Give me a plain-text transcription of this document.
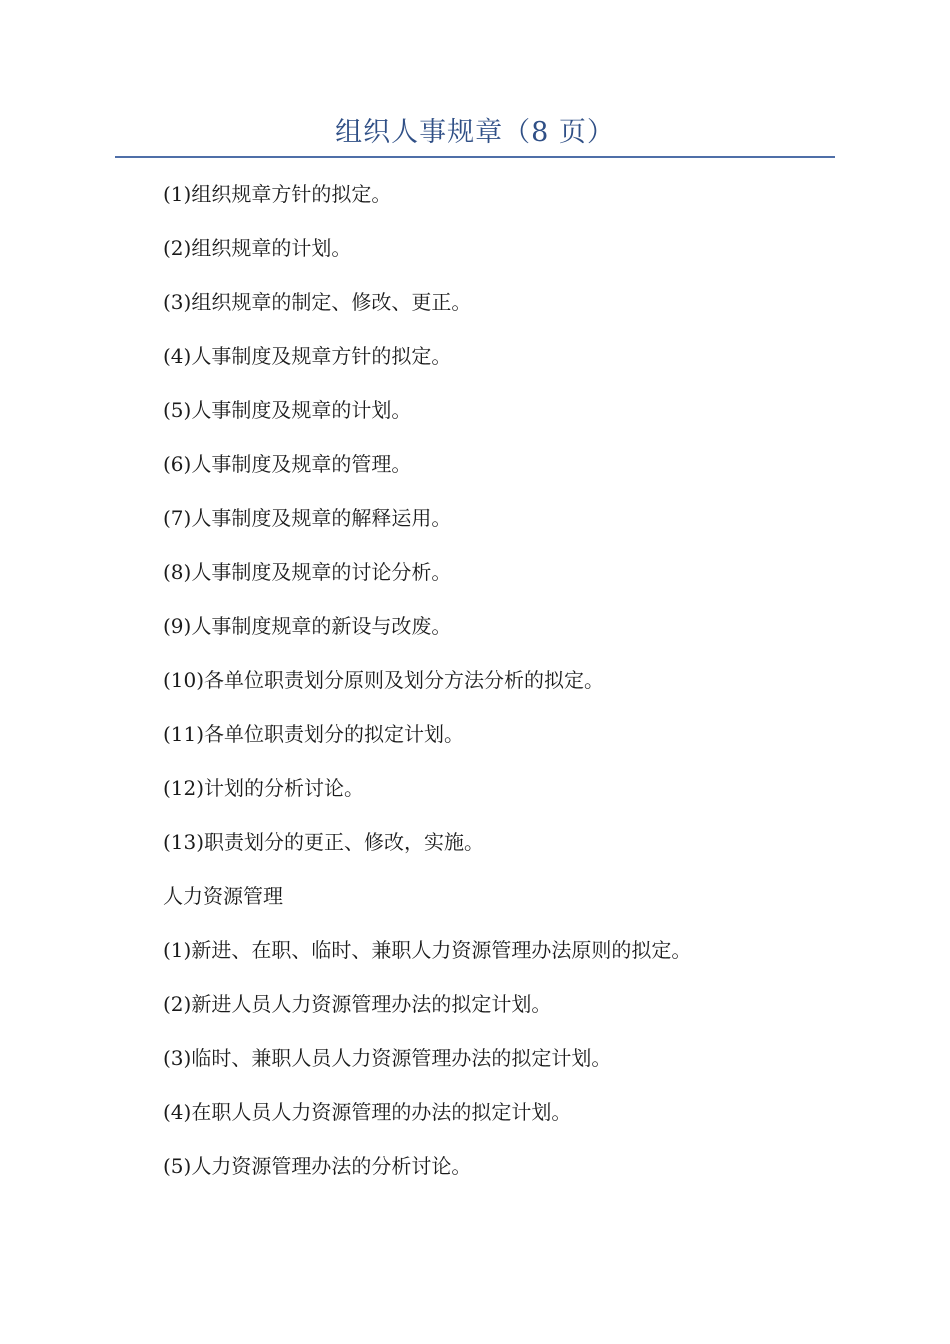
组织人事规章（8 页）
(1)组织规章方针的拟定。
(2)组织规章的计划。
(3)组织规章的制定、修改、更正。
(4)人事制度及规章方针的拟定。
(5)人事制度及规章的计划。
(6)人事制度及规章的管理。
(7)人事制度及规章的解释运用。
(8)人事制度及规章的讨论分析。
(9)人事制度规章的新设与改废。
(10)各单位职责划分原则及划分方法分析的拟定。
(11)各单位职责划分的拟定计划。
(12)计划的分析讨论。
(13)职责划分的更正、修改，实施。
人力资源管理
(1)新进、在职、临时、兼职人力资源管理办法原则的拟定。
(2)新进人员人力资源管理办法的拟定计划。
(3)临时、兼职人员人力资源管理办法的拟定计划。
(4)在职人员人力资源管理的办法的拟定计划。
(5)人力资源管理办法的分析讨论。
